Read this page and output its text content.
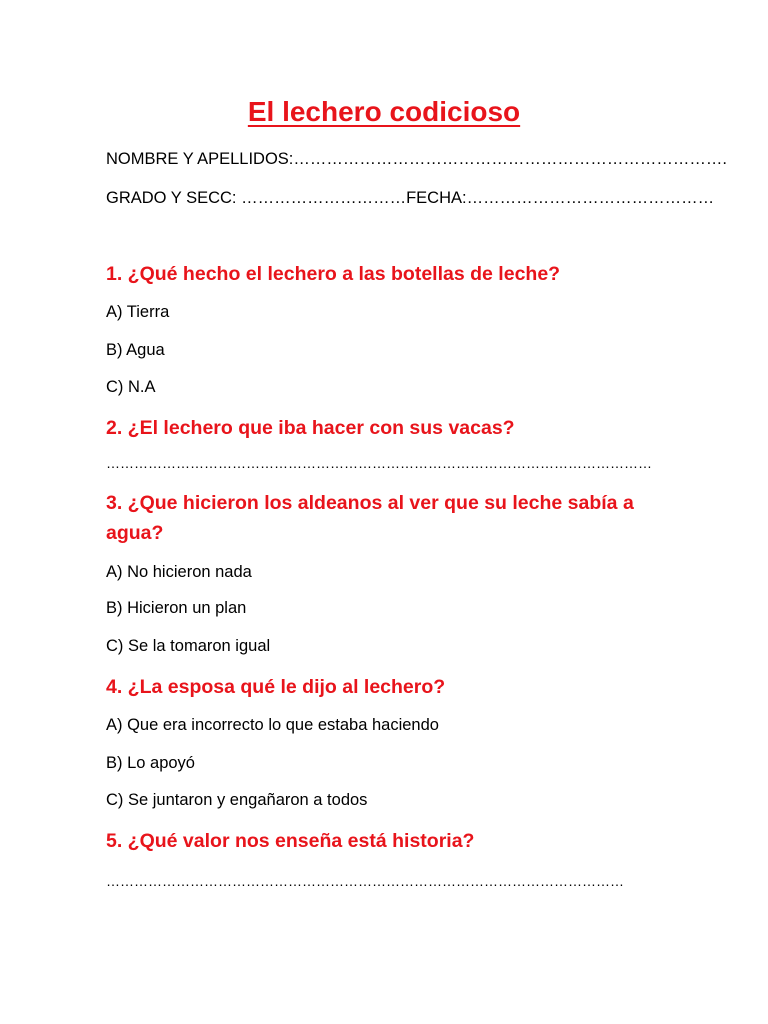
El lechero codicioso
NOMBRE Y APELLIDOS:…………………………………………………………………….
GRADO Y SECC: …………………………FECHA:………………………………………
1. ¿Qué hecho el lechero a las botellas de leche?
A) Tierra
B) Agua
C) N.A
2. ¿El lechero que iba hacer con sus vacas?
………………………………………………………………………………………………………
3. ¿Que hicieron los aldeanos al ver que su leche sabía a agua?
A) No hicieron nada
B) Hicieron un plan
C) Se la tomaron igual
4. ¿La esposa qué le dijo al lechero?
A) Que era incorrecto lo que estaba haciendo
B) Lo apoyó
C) Se juntaron y engañaron a todos
5. ¿Qué valor nos enseña está historia?
…………………………………………………………………………………………………
